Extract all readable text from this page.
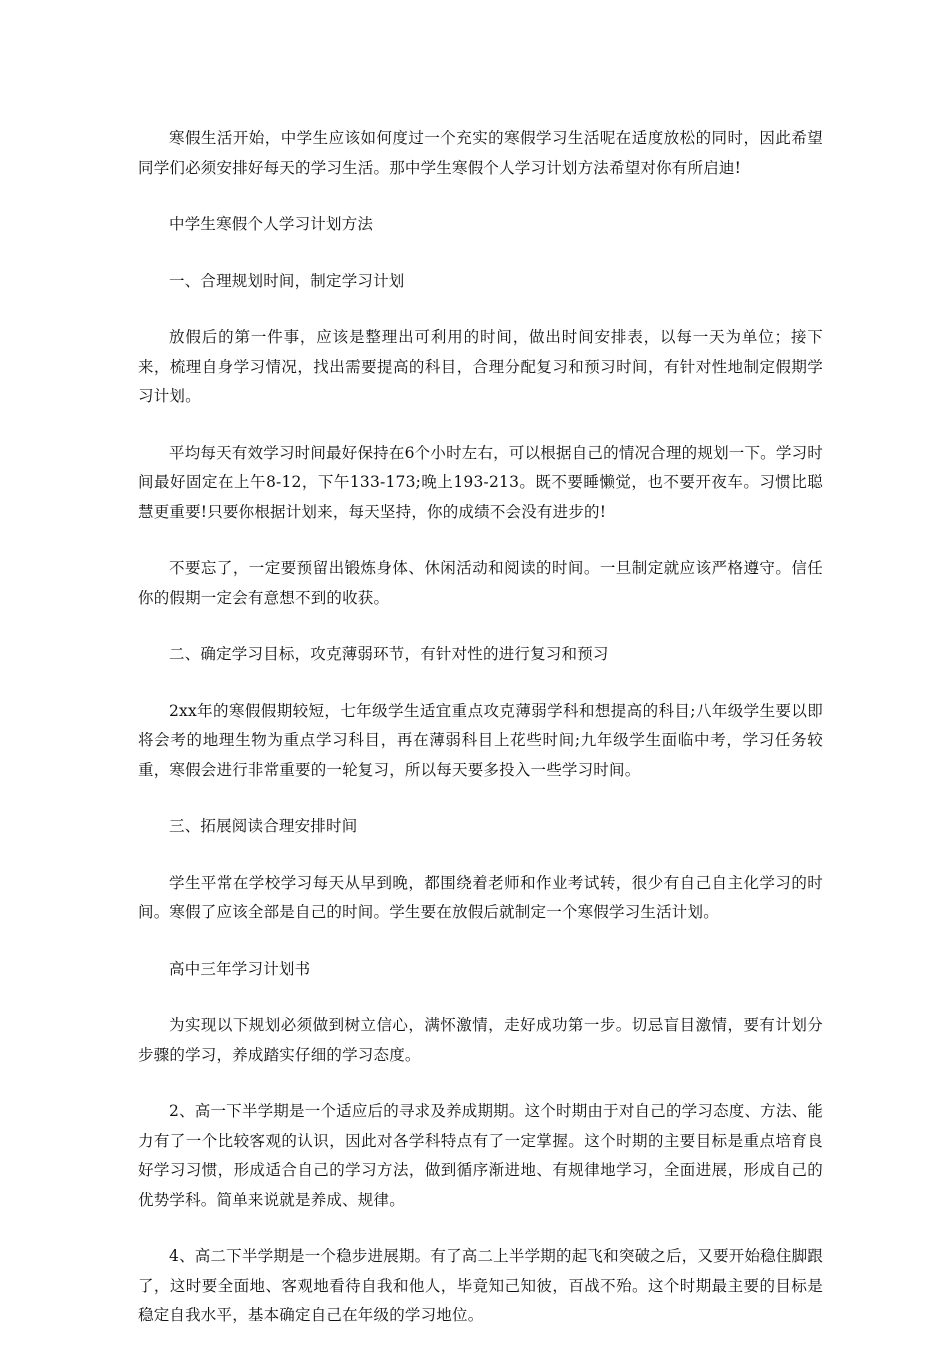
寒假生活开始，中学生应该如何度过一个充实的寒假学习生活呢在适度放松的同时，因此希望同学们必须安排好每天的学习生活。那中学生寒假个人学习计划方法希望对你有所启迪!

中学生寒假个人学习计划方法

一、合理规划时间，制定学习计划

放假后的第一件事，应该是整理出可利用的时间，做出时间安排表，以每一天为单位；接下来，梳理自身学习情况，找出需要提高的科目，合理分配复习和预习时间，有针对性地制定假期学习计划。

平均每天有效学习时间最好保持在6个小时左右，可以根据自己的情况合理的规划一下。学习时间最好固定在上午8-12，下午133-173;晚上193-213。既不要睡懒觉，也不要开夜车。习惯比聪慧更重要!只要你根据计划来，每天坚持，你的成绩不会没有进步的!

不要忘了，一定要预留出锻炼身体、休闲活动和阅读的时间。一旦制定就应该严格遵守。信任你的假期一定会有意想不到的收获。

二、确定学习目标，攻克薄弱环节，有针对性的进行复习和预习

2xx年的寒假假期较短，七年级学生适宜重点攻克薄弱学科和想提高的科目;八年级学生要以即将会考的地理生物为重点学习科目，再在薄弱科目上花些时间;九年级学生面临中考，学习任务较重，寒假会进行非常重要的一轮复习，所以每天要多投入一些学习时间。

三、拓展阅读合理安排时间

学生平常在学校学习每天从早到晚，都围绕着老师和作业考试转，很少有自己自主化学习的时间。寒假了应该全部是自己的时间。学生要在放假后就制定一个寒假学习生活计划。

高中三年学习计划书

为实现以下规划必须做到树立信心，满怀激情，走好成功第一步。切忌盲目激情，要有计划分步骤的学习，养成踏实仔细的学习态度。

2、高一下半学期是一个适应后的寻求及养成期期。这个时期由于对自己的学习态度、方法、能力有了一个比较客观的认识，因此对各学科特点有了一定掌握。这个时期的主要目标是重点培育良好学习习惯，形成适合自己的学习方法，做到循序渐进地、有规律地学习，全面进展，形成自己的优势学科。简单来说就是养成、规律。

4、高二下半学期是一个稳步进展期。有了高二上半学期的起飞和突破之后，又要开始稳住脚跟了，这时要全面地、客观地看待自我和他人，毕竟知己知彼，百战不殆。这个时期最主要的目标是稳定自我水平，基本确定自己在年级的学习地位。
